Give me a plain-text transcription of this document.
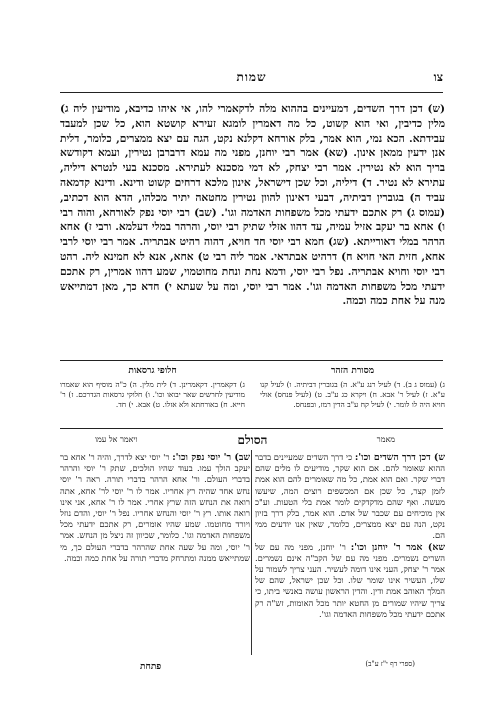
צו
שמות
(ש) דכן דרך השדים, דמעיינים בההוא מלה לדקאמרי להו, אי איהו כדיבא, מודיעין ליה ג) מלין כדיבין, ואי הוא קשוט, כל מה דאמרין לומגא זעירא קושטא הוא, כל שכן למעבד עבידתא. הכא נמי, הוא אמר, בלק אורחא דקלנא נקט, הגה עם יצא ממצרים, כלומר, דלית אנן ידעין ממאן אינון. (שא) אמר רבי יוחנן, מפני מה עמא דרברבן נטירין, ועמא דקודשא בריך הוא לא נטירין. אמר רבי יצחק, לא דמי מסכנא לעתירא. מסכנא בעי לנטרא דיליה, עתירא לא נטיר. ד) דיליה, וכל שכן דישראל, אינון מלכא דרחים קשוט ודינא. ודינא קדמאה עביד ה) בגוברין דביתיה, דבעי דאינון להוון נטירין מחטאה יתיר מכלהו, הדא הוא דכתיב, (עמוס ג) רק אתכם ידעתי מכל משפחות האדמה וגו'. (שב) רבי יוסי נפק לאורחא, והוה רבי ו) אחא בר יעקב אזיל עמיה, עד דהוו אזלי שתיק רבי יוסי, והרהר במלי דעלמא. ורבי ז) אחא הרהר במלי דאורייתא. (שג) חמא רבי יוסי חד חויא, דהוה רהיט אבתריה. אמר רבי יוסי לרבי אחא, חזית האי חויא ח) דרהיט אבתראי. אמר ליה רבי ט) אחא, אנא לא חמינא ליה. רהט רבי יוסי וחויא אבתריה. נפל רבי יוסי, ודמא נחת ונחת מחוטמוי, שמע דהוו אמרין, רק אתכם ידעתי מכל משפחות האדמה וגו'. אמר רבי יוסי, ומה על שעתא י) חדא כך, מאן דמתייאש מנה על אחת כמה וכמה.
מסורת הזהר
ג) (עמוס ג ב). ד) לעיל רנג ע"א. ה) בגוברין דביתיה. ו) לעיל קנו ע"א. ז) לעיל ר' אבא. ח) ויקרא כג ע"ב. ט) (לעיל פנחס) אולי חויא היה לו לומר. י) לעיל קח ע"ב הדין רמז, ובפנחס.
חלופי גרסאות
ג) דקאמרין. דקאמרינן. ד) לית מלין. ה) כ"ה מוסיף הוא שאמרו מודיעין לחרשים שאר יבואו וכו'. ו) חלוקי גרסאות הגדרכם. ז) ר' חייא. ח) באורחתא ולא אזלו. ט) אבא. י) חד.
הסולם	מאמר
ויאמר אל עמו

ש) דכן דרך השדים וכו': כי דרך השדים שמעיינים בדבר ההוא שאומר להם. אם הוא שקר, מודיעים לו מלים שהם דברי שקר. ואם הוא אמת, כל מה שאומרים להם הוא אמת לזמן קצר, כל שכן אם המכשפים רוצים המה, שיעשו מעשה. ואף שהם מדקדקים לומר אמת בלי הטעות. וע"כ אין מוכיחים עם שכבר של אדם. הוא אמר, בלק דרך בזיון נקט, הנה עם יצא ממצרים, כלומר, שאין אנו יודעים ממי הם.

שא) אמר ר' יוחנן וכו': ר' יוחנן, מפני מה עם של השרים נשמרים. מפני מה עם של הקב"ה אינם נשמרים. אמר ר' יצחק, העני אינו דומה לעשיר. העני צריך לשמור על שלו, העשיר אינו שומר שלו. וכל שכן ישראל, שהם של המלך האוהב אמת ודין. והדין הראשון עושה באנשי ביתו, כי צריך שיהיו שמורים מן החטא יותר מכל האומות, זש"ה רק אתכם ידעתי מכל משפחות האדמה וגו'.

שב) ר' יוסי נפק וכו': ר' יוסי יצא לדרך, והיה ר' אחא בר יעקב הולך עמו. בעוד שהיו הולכים, שתק ר' יוסי והרהר בדברי העולם. ור' אחא הרהר בדברי תורה. ראה ר' יוסי נחש אחד שהיה רץ אחריו. אמר לו ר' יוסי לר' אחא, אתה רואה את הנחש הזה שרץ אחרי. אמר לו ר' אחא, אני אינו רואה אותו. רץ ר' יוסי והנחש אחריו. נפל ר' יוסי, והדם נוזל ויורד מחוטמו. שמע שהיו אומרים, רק אתכם ידעתי מכל משפחות האדמה וגו'. כלומר, שכיוון זה ניצל מן הנחש. אמר ר' יוסי, ומה על שעה אחת שהרהר בדברי העולם כך, מי שמתייאש ממנה ומתרחק מדברי תורה על אחת כמה וכמה.

פתחת	(ספרי דף י"ז ע"ב)
